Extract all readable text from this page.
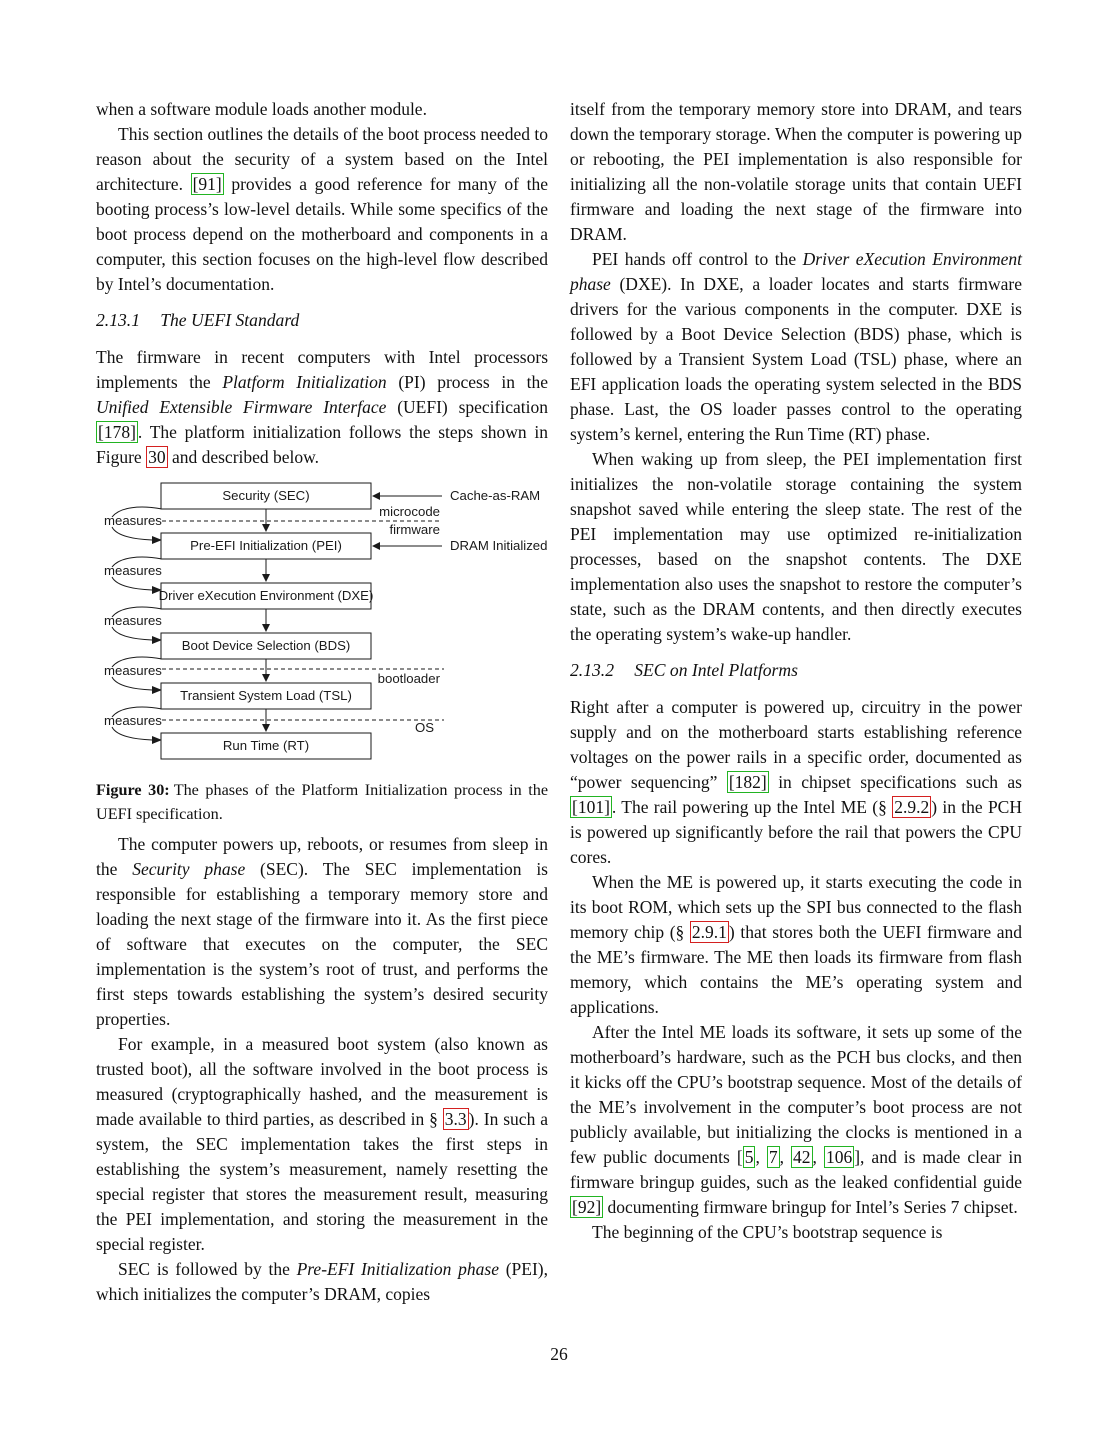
when a software module loads another module.

This section outlines the details of the boot process needed to reason about the security of a system based on the Intel architecture. [91] provides a good reference for many of the booting process’s low-level details. While some specifics of the boot process depend on the motherboard and components in a computer, this section focuses on the high-level flow described by Intel’s documentation.

2.13.1 The UEFI Standard

The firmware in recent computers with Intel processors implements the Platform Initialization (PI) process in the Unified Extensible Firmware Interface (UEFI) specification [178] . The platform initialization follows the steps shown in Figure 30 and described below.

measures
measures
measures
measures
measures
Cache-as-RAM
microcode
firmware
DRAM Initialized
bootloader
OS
Security (SEC)
Pre-EFI Initialization (PEI)
Driver eXecution Environment (DXE)
Boot Device Selection (BDS)
Transient System Load (TSL)
Run Time (RT)
Figure 30: The phases of the Platform Initialization process in the UEFI specification.

The computer powers up, reboots, or resumes from sleep in the Security phase (SEC). The SEC implementation is responsible for establishing a temporary memory store and loading the next stage of the firmware into it. As the first piece of software that executes on the computer, the SEC implementation is the system’s root of trust, and performs the first steps towards establishing the system’s desired security properties.

For example, in a measured boot system (also known as trusted boot), all the software involved in the boot process is measured (cryptographically hashed, and the measurement is made available to third parties, as described in § 3.3 ). In such a system, the SEC implementation takes the first steps in establishing the system’s measurement, namely resetting the special register that stores the measurement result, measuring the PEI implementation, and storing the measurement in the special register.

SEC is followed by the Pre-EFI Initialization phase (PEI), which initializes the computer’s DRAM, copies

itself from the temporary memory store into DRAM, and tears down the temporary storage. When the computer is powering up or rebooting, the PEI implementation is also responsible for initializing all the non-volatile storage units that contain UEFI firmware and loading the next stage of the firmware into DRAM.

PEI hands off control to the Driver eXecution Environment phase (DXE). In DXE, a loader locates and starts firmware drivers for the various components in the computer. DXE is followed by a Boot Device Selection (BDS) phase, which is followed by a Transient System Load (TSL) phase, where an EFI application loads the operating system selected in the BDS phase. Last, the OS loader passes control to the operating system’s kernel, entering the Run Time (RT) phase.

When waking up from sleep, the PEI implementation first initializes the non-volatile storage containing the system snapshot saved while entering the sleep state. The rest of the PEI implementation may use optimized re-initialization processes, based on the snapshot contents. The DXE implementation also uses the snapshot to restore the computer’s state, such as the DRAM contents, and then directly executes the operating system’s wake-up handler.

2.13.2 SEC on Intel Platforms

Right after a computer is powered up, circuitry in the power supply and on the motherboard starts establishing reference voltages on the power rails in a specific order, documented as “power sequencing” [182] in chipset specifications such as [101] . The rail powering up the Intel ME (§ 2.9.2 ) in the PCH is powered up significantly before the rail that powers the CPU cores.

When the ME is powered up, it starts executing the code in its boot ROM, which sets up the SPI bus connected to the flash memory chip (§ 2.9.1 ) that stores both the UEFI firmware and the ME’s firmware. The ME then loads its firmware from flash memory, which contains the ME’s operating system and applications.

After the Intel ME loads its software, it sets up some of the motherboard’s hardware, such as the PCH bus clocks, and then it kicks off the CPU’s bootstrap sequence. Most of the details of the ME’s involvement in the computer’s boot process are not publicly available, but initializing the clocks is mentioned in a few public documents [ 5 , 7 , 42 , 106 ], and is made clear in firmware bringup guides, such as the leaked confidential guide [92] documenting firmware bringup for Intel’s Series 7 chipset.

The beginning of the CPU’s bootstrap sequence is

26
